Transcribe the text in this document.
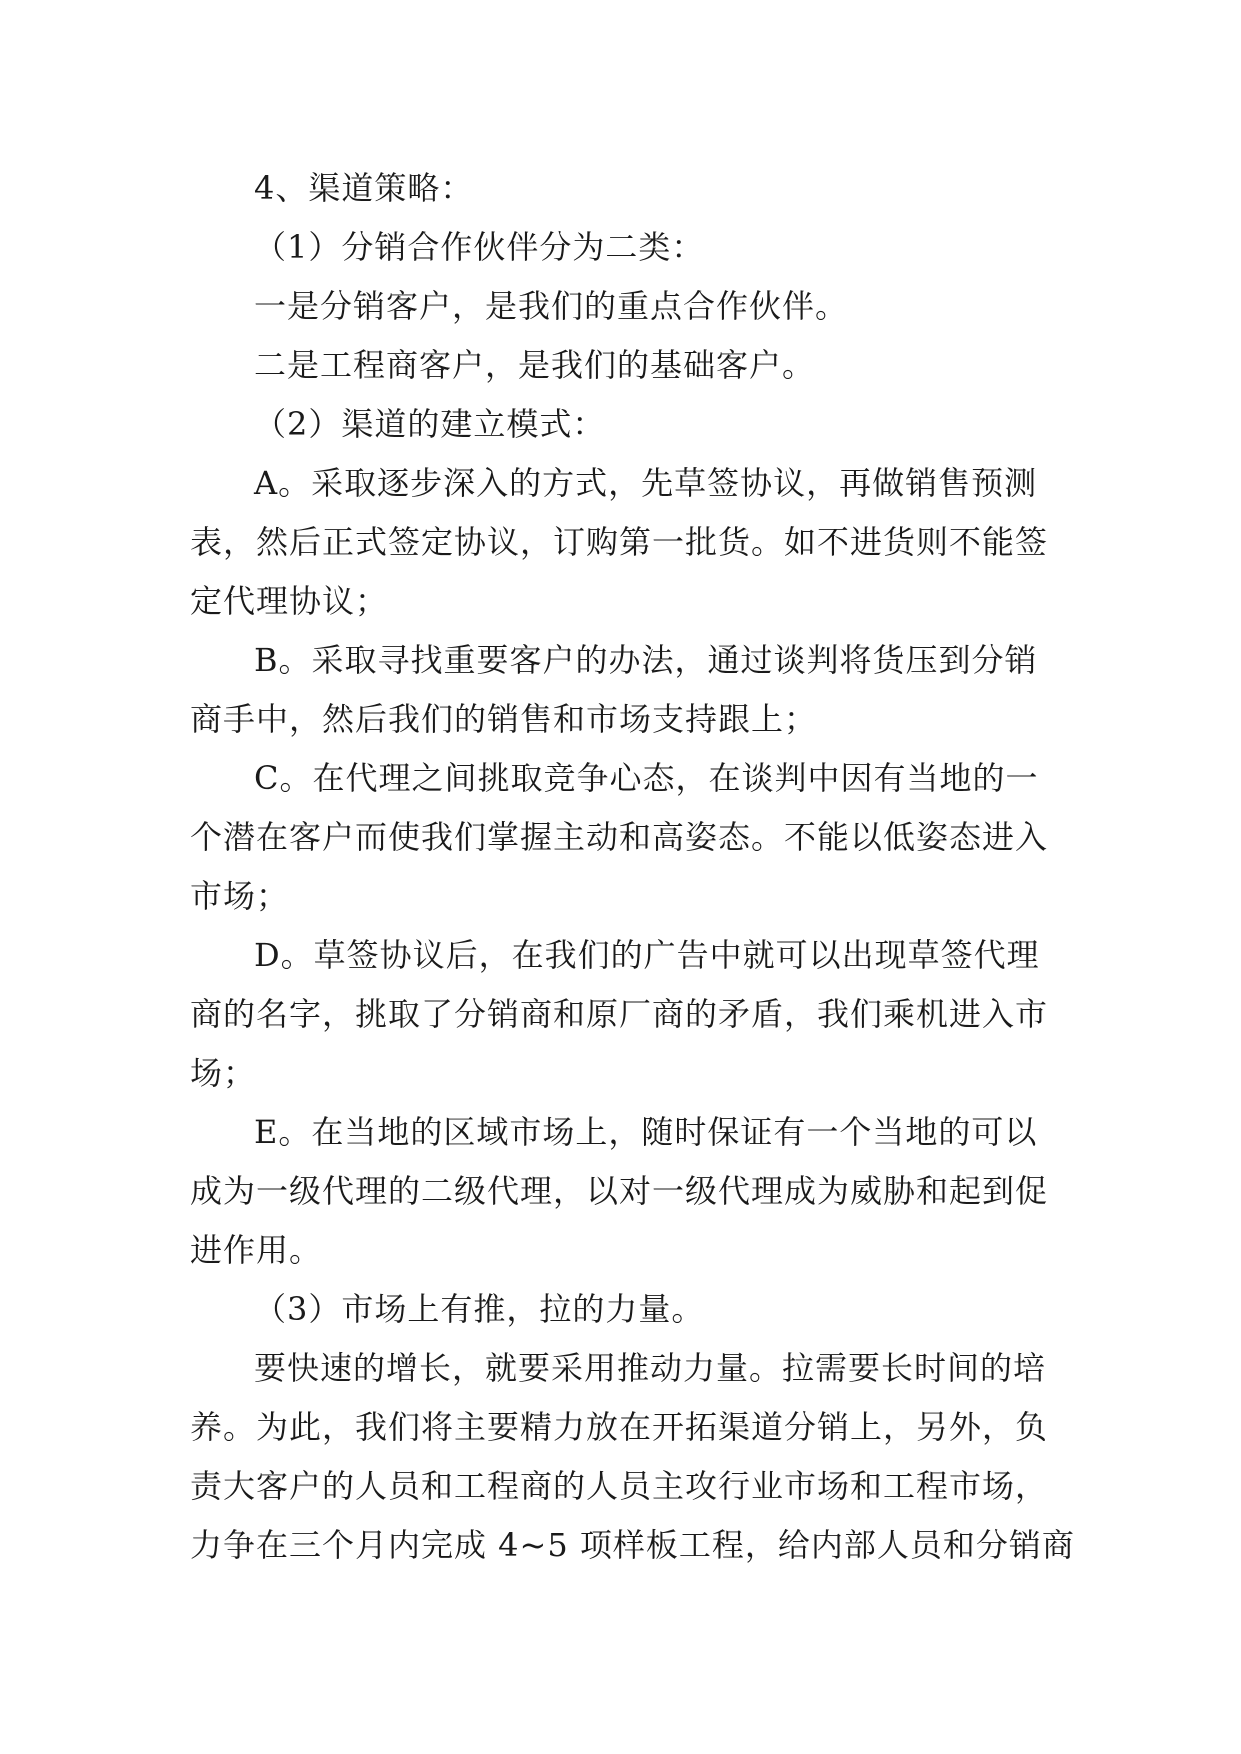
4、渠道策略：
（1）分销合作伙伴分为二类：
一是分销客户，是我们的重点合作伙伴。
二是工程商客户，是我们的基础客户。
（2）渠道的建立模式：
A。采取逐步深入的方式，先草签协议，再做销售预测
表，然后正式签定协议，订购第一批货。如不进货则不能签
定代理协议；
B。采取寻找重要客户的办法，通过谈判将货压到分销
商手中，然后我们的销售和市场支持跟上；
C。在代理之间挑取竞争心态，在谈判中因有当地的一
个潜在客户而使我们掌握主动和高姿态。不能以低姿态进入
市场；
D。草签协议后，在我们的广告中就可以出现草签代理
商的名字，挑取了分销商和原厂商的矛盾，我们乘机进入市
场；
E。在当地的区域市场上，随时保证有一个当地的可以
成为一级代理的二级代理，以对一级代理成为威胁和起到促
进作用。
（3）市场上有推，拉的力量。
要快速的增长，就要采用推动力量。拉需要长时间的培
养。为此，我们将主要精力放在开拓渠道分销上，另外，负
责大客户的人员和工程商的人员主攻行业市场和工程市场，
力争在三个月内完成 4~5 项样板工程，给内部人员和分销商
